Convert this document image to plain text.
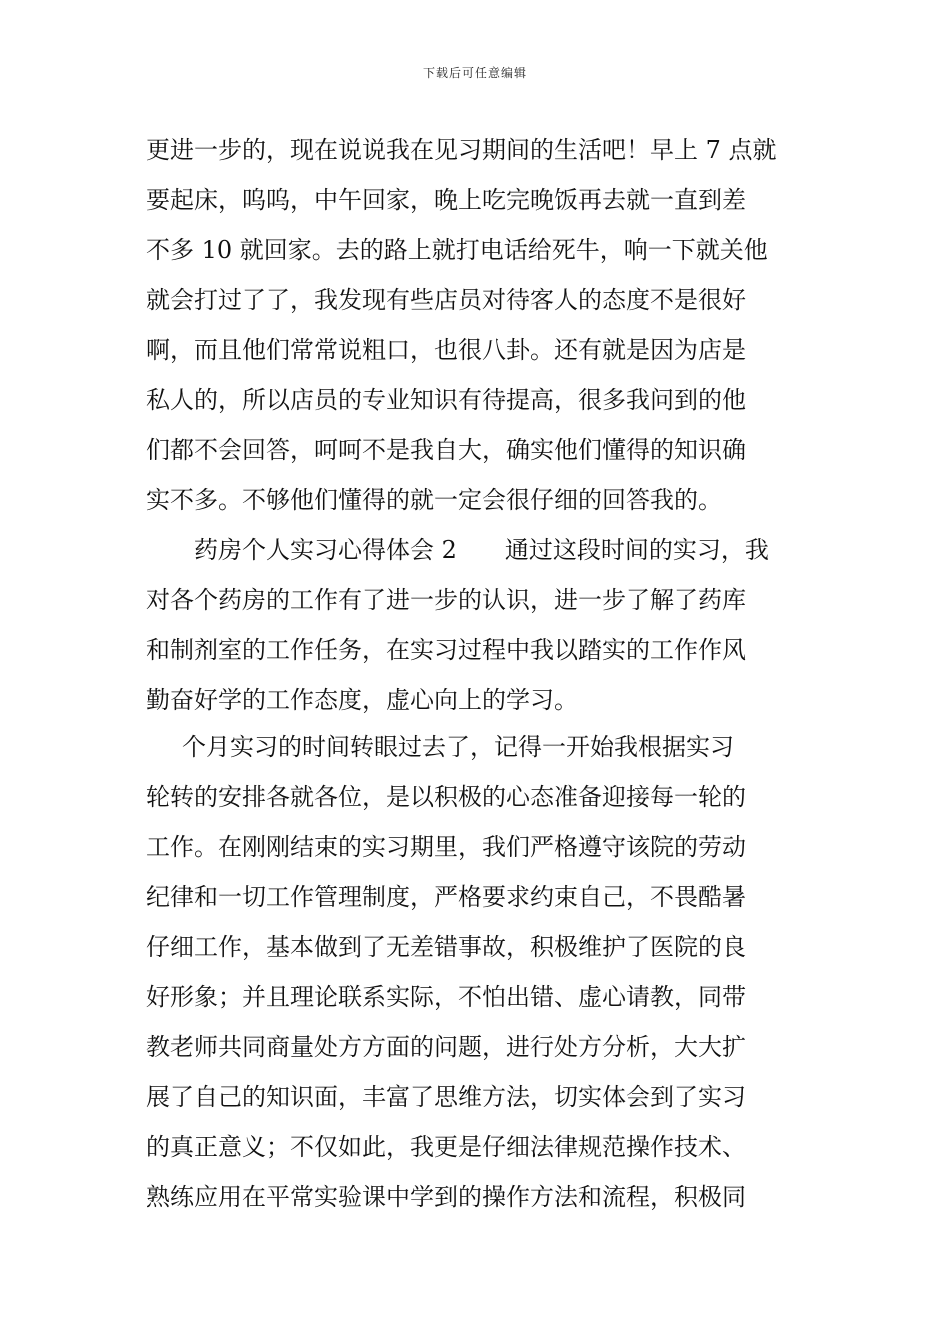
下载后可任意编辑
更进一步的，现在说说我在见习期间的生活吧！早上 7 点就
要起床，呜呜，中午回家，晚上吃完晚饭再去就一直到差
不多 10 就回家。去的路上就打电话给死牛，响一下就关他
就会打过了了，我发现有些店员对待客人的态度不是很好
啊，而且他们常常说粗口，也很八卦。还有就是因为店是
私人的，所以店员的专业知识有待提高，很多我问到的他
们都不会回答，呵呵不是我自大，确实他们懂得的知识确
实不多。不够他们懂得的就一定会很仔细的回答我的。
药房个人实习心得体会 2 通过这段时间的实习，我
对各个药房的工作有了进一步的认识，进一步了解了药库
和制剂室的工作任务，在实习过程中我以踏实的工作作风
勤奋好学的工作态度，虚心向上的学习。
个月实习的时间转眼过去了，记得一开始我根据实习
轮转的安排各就各位，是以积极的心态准备迎接每一轮的
工作。在刚刚结束的实习期里，我们严格遵守该院的劳动
纪律和一切工作管理制度，严格要求约束自己，不畏酷暑
仔细工作，基本做到了无差错事故，积极维护了医院的良
好形象；并且理论联系实际，不怕出错、虚心请教，同带
教老师共同商量处方方面的问题，进行处方分析，大大扩
展了自己的知识面，丰富了思维方法，切实体会到了实习
的真正意义；不仅如此，我更是仔细法律规范操作技术、
熟练应用在平常实验课中学到的操作方法和流程，积极同
